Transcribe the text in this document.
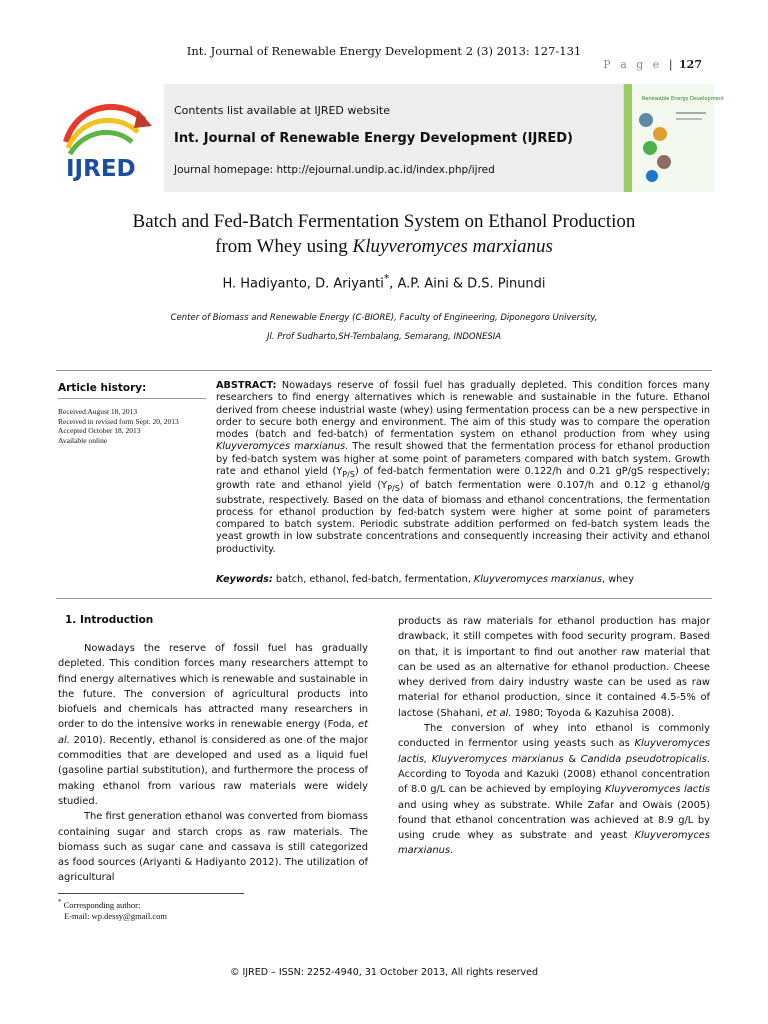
Int. Journal of Renewable Energy Development 2 (3) 2013: 127-131
P a g e | 127
IJRED
Contents list available at IJRED website
Int. Journal of Renewable Energy Development (IJRED)
Journal homepage: http://ejournal.undip.ac.id/index.php/ijred
Renewable Energy Development
Batch and Fed-Batch Fermentation System on Ethanol Production
from Whey using Kluyveromyces marxianus
H. Hadiyanto, D. Ariyanti*, A.P. Aini & D.S. Pinundi
Center of Biomass and Renewable Energy (C-BIORE), Faculty of Engineering, Diponegoro University,
Jl. Prof Sudharto,SH-Tembalang, Semarang, INDONESIA
Article history:
Received August 18, 2013
Received in revised form Sept. 20, 2013
Accepted October 18, 2013
Available online
ABSTRACT: Nowadays reserve of fossil fuel has gradually depleted. This condition forces many researchers to find energy alternatives which is renewable and sustainable in the future. Ethanol derived from cheese industrial waste (whey) using fermentation process can be a new perspective in order to secure both energy and environment. The aim of this study was to compare the operation modes (batch and fed-batch) of fermentation system on ethanol production from whey using Kluyveromyces marxianus. The result showed that the fermentation process for ethanol production by fed-batch system was higher at some point of parameters compared with batch system. Growth rate and ethanol yield $(Y_{P/S})$ of fed-batch fermentation were 0.122/h and 0.21 gP/gS respectively; growth rate and ethanol yield $(Y_{P/S})$ of batch fermentation were 0.107/h and 0.12 g ethanol/g substrate, respectively. Based on the data of biomass and ethanol concentrations, the fermentation process for ethanol production by fed-batch system were higher at some point of parameters compared to batch system. Periodic substrate addition performed on fed-batch system leads the yeast growth in low substrate concentrations and consequently increasing their activity and ethanol productivity.
Keywords: batch, ethanol, fed-batch, fermentation, Kluyveromyces marxianus, whey
1. Introduction

Nowadays the reserve of fossil fuel has gradually depleted. This condition forces many researchers attempt to find energy alternatives which is renewable and sustainable in the future. The conversion of agricultural products into biofuels and chemicals has attracted many researchers in order to do the intensive works in renewable energy (Foda, et al. 2010). Recently, ethanol is considered as one of the major commodities that are developed and used as a liquid fuel (gasoline partial substitution), and furthermore the process of making ethanol from various raw materials were widely studied.

The first generation ethanol was converted from biomass containing sugar and starch crops as raw materials. The biomass such as sugar cane and cassava is still categorized as food sources (Ariyanti & Hadiyanto 2012). The utilization of agricultural

products as raw materials for ethanol production has major drawback, it still competes with food security program. Based on that, it is important to find out another raw material that can be used as an alternative for ethanol production. Cheese whey derived from dairy industry waste can be used as raw material for ethanol production, since it contained 4.5-5% of lactose (Shahani, et al. 1980; Toyoda & Kazuhisa 2008).

The conversion of whey into ethanol is commonly conducted in fermentor using yeasts such as Kluyveromyces lactis, Kluyveromyces marxianus & Candida pseudotropicalis. According to Toyoda and Kazuki (2008) ethanol concentration of 8.0 g/L can be achieved by employing Kluyveromyces lactis and using whey as substrate. While Zafar and Owais (2005) found that ethanol concentration was achieved at 8.9 g/L by using crude whey as substrate and yeast Kluyveromyces marxianus.

* Corresponding author:
E-mail: wp.dessy@gmail.com
© IJRED – ISSN: 2252-4940, 31 October 2013, All rights reserved
